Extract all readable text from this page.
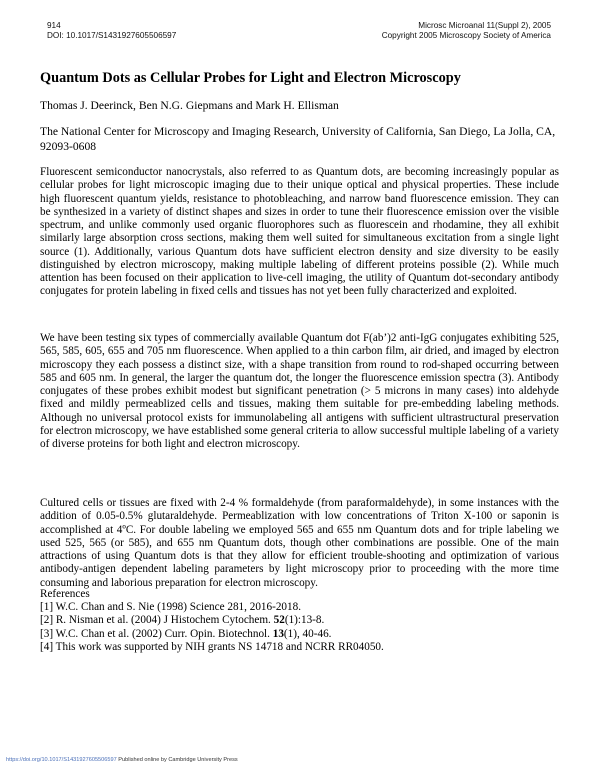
914
DOI: 10.1017/S1431927605506597
Microsc Microanal 11(Suppl 2), 2005
Copyright 2005 Microscopy Society of America
Quantum Dots as Cellular Probes for Light and Electron Microscopy
Thomas J. Deerinck, Ben N.G. Giepmans and Mark H. Ellisman
The National Center for Microscopy and Imaging Research, University of California, San Diego, La Jolla, CA, 92093-0608
Fluorescent semiconductor nanocrystals, also referred to as Quantum dots, are becoming increasingly popular as cellular probes for light microscopic imaging due to their unique optical and physical properties. These include high fluorescent quantum yields, resistance to photobleaching, and narrow band fluorescence emission. They can be synthesized in a variety of distinct shapes and sizes in order to tune their fluorescence emission over the visible spectrum, and unlike commonly used organic fluorophores such as fluorescein and rhodamine, they all exhibit similarly large absorption cross sections, making them well suited for simultaneous excitation from a single light source (1). Additionally, various Quantum dots have sufficient electron density and size diversity to be easily distinguished by electron microscopy, making multiple labeling of different proteins possible (2). While much attention has been focused on their application to live-cell imaging, the utility of Quantum dot-secondary antibody conjugates for protein labeling in fixed cells and tissues has not yet been fully characterized and exploited.
We have been testing six types of commercially available Quantum dot F(ab’)2 anti-IgG conjugates exhibiting 525, 565, 585, 605, 655 and 705 nm fluorescence. When applied to a thin carbon film, air dried, and imaged by electron microscopy they each possess a distinct size, with a shape transition from round to rod-shaped occurring between 585 and 605 nm. In general, the larger the quantum dot, the longer the fluorescence emission spectra (3). Antibody conjugates of these probes exhibit modest but significant penetration (> 5 microns in many cases) into aldehyde fixed and mildly permeablized cells and tissues, making them suitable for pre-embedding labeling methods. Although no universal protocol exists for immunolabeling all antigens with sufficient ultrastructural preservation for electron microscopy, we have established some general criteria to allow successful multiple labeling of a variety of diverse proteins for both light and electron microscopy.
Cultured cells or tissues are fixed with 2-4 % formaldehyde (from paraformaldehyde), in some instances with the addition of 0.05-0.5% glutaraldehyde. Permeablization with low concentrations of Triton X-100 or saponin is accomplished at 4ºC. For double labeling we employed 565 and 655 nm Quantum dots and for triple labeling we used 525, 565 (or 585), and 655 nm Quantum dots, though other combinations are possible. One of the main attractions of using Quantum dots is that they allow for efficient trouble-shooting and optimization of various antibody-antigen dependent labeling parameters by light microscopy prior to proceeding with the more time consuming and laborious preparation for electron microscopy.
References
[1] W.C. Chan and S. Nie (1998) Science 281, 2016-2018.
[2] R. Nisman et al. (2004) J Histochem Cytochem. 52(1):13-8.
[3] W.C. Chan et al. (2002) Curr. Opin. Biotechnol. 13(1), 40-46.
[4] This work was supported by NIH grants NS 14718 and NCRR RR04050.
https://doi.org/10.1017/S1431927605506597 Published online by Cambridge University Press
